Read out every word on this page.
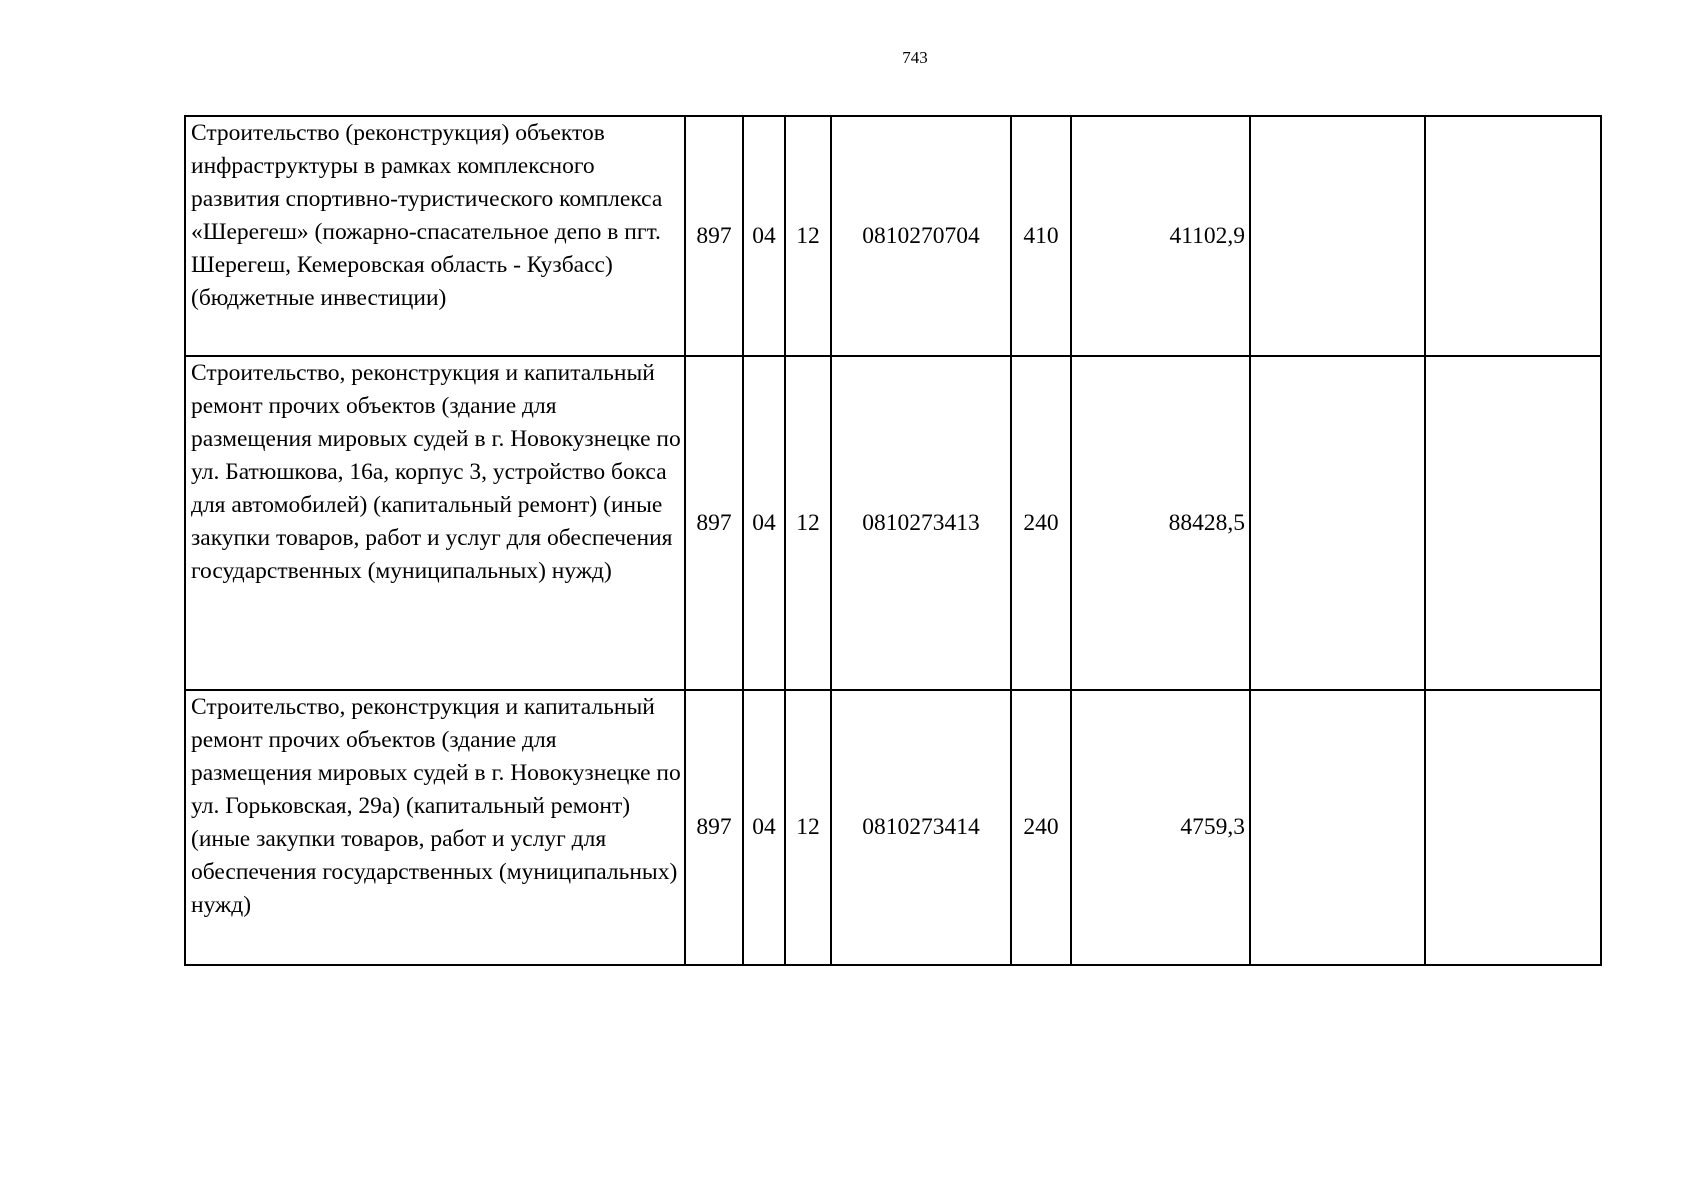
743
Строительство (реконструкция) объектов инфраструктуры в рамках комплексного развития спортивно-туристического комплекса «Шерегеш» (пожарно-спасательное депо в пгт. Шерегеш, Кемеровская область - Кузбасс) (бюджетные инвестиции)	897	04	12	0810270704	410	41102,9		
Строительство, реконструкция и капитальный ремонт прочих объектов (здание для размещения мировых судей в г. Новокузнецке по ул. Батюшкова, 16а, корпус 3, устройство бокса для автомобилей) (капитальный ремонт) (иные закупки товаров, работ и услуг для обеспечения государственных (муниципальных) нужд)	897	04	12	0810273413	240	88428,5		
Строительство, реконструкция и капитальный ремонт прочих объектов (здание для размещения мировых судей в г. Новокузнецке по ул. Горьковская, 29а) (капитальный ремонт) (иные закупки товаров, работ и услуг для обеспечения государственных (муниципальных) нужд)	897	04	12	0810273414	240	4759,3		
